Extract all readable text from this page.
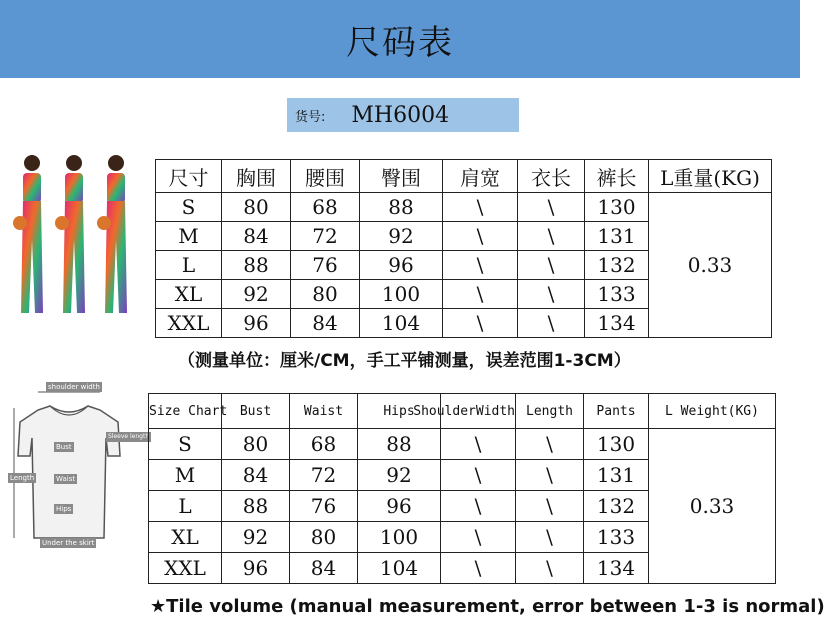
尺码表
货号: MH6004
尺寸	胸围	腰围	臀围	肩宽	衣长	裤长	L重量(KG)
S	80	68	88	\	\	130	0.33
M	84	72	92	\	\	131	
L	88	76	96	\	\	132	
XL	92	80	100	\	\	133	
XXL	96	84	104	\	\	134	
（测量单位：厘米/CM，手工平铺测量，误差范围1-3CM）
shoulder width
Bust
Sleeve length
Waist
Length
Hips
Under the skirt
Size Chart	Bust	Waist	Hips	ShoulderWidth	Length	Pants	L Weight(KG)
S	80	68	88	\	\	130	0.33
M	84	72	92	\	\	131	
L	88	76	96	\	\	132	
XL	92	80	100	\	\	133	
XXL	96	84	104	\	\	134	
★Tile volume (manual measurement, error between 1-3 is normal)
